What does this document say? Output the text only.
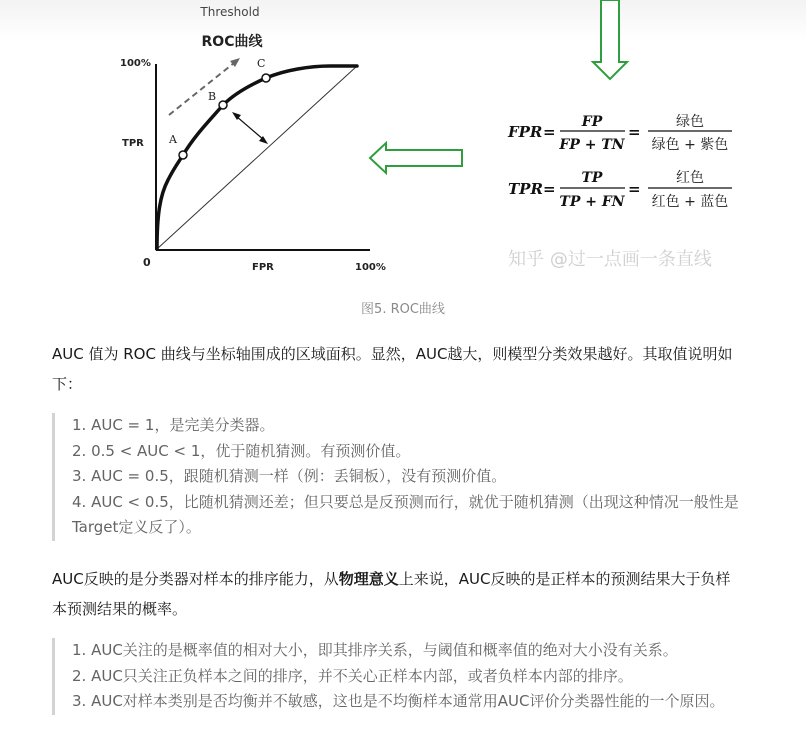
Threshold
ROC曲线
100%
TPR
0	FPR	100%
A
B
C
FPR =
FP
FP + TN
=
绿色
绿色 + 紫色
TPR =
TP
TP + FN
=
红色
红色 + 蓝色
知乎 @过一点画一条直线
图5. ROC曲线

AUC 值为 ROC 曲线与坐标轴围成的区域面积。显然，AUC越大，则模型分类效果越好。其取值说明如下：

1. AUC = 1，是完美分类器。
2. 0.5 < AUC < 1，优于随机猜测。有预测价值。
3. AUC = 0.5，跟随机猜测一样（例：丢铜板），没有预测价值。
4. AUC < 0.5，比随机猜测还差；但只要总是反预测而行，就优于随机猜测（出现这种情况一般性是Target定义反了）。

AUC反映的是分类器对样本的排序能力，从物理意义上来说，AUC反映的是正样本的预测结果大于负样本预测结果的概率。

1. AUC关注的是概率值的相对大小，即其排序关系，与阈值和概率值的绝对大小没有关系。
2. AUC只关注正负样本之间的排序，并不关心正样本内部，或者负样本内部的排序。
3. AUC对样本类别是否均衡并不敏感，这也是不均衡样本通常用AUC评价分类器性能的一个原因。
